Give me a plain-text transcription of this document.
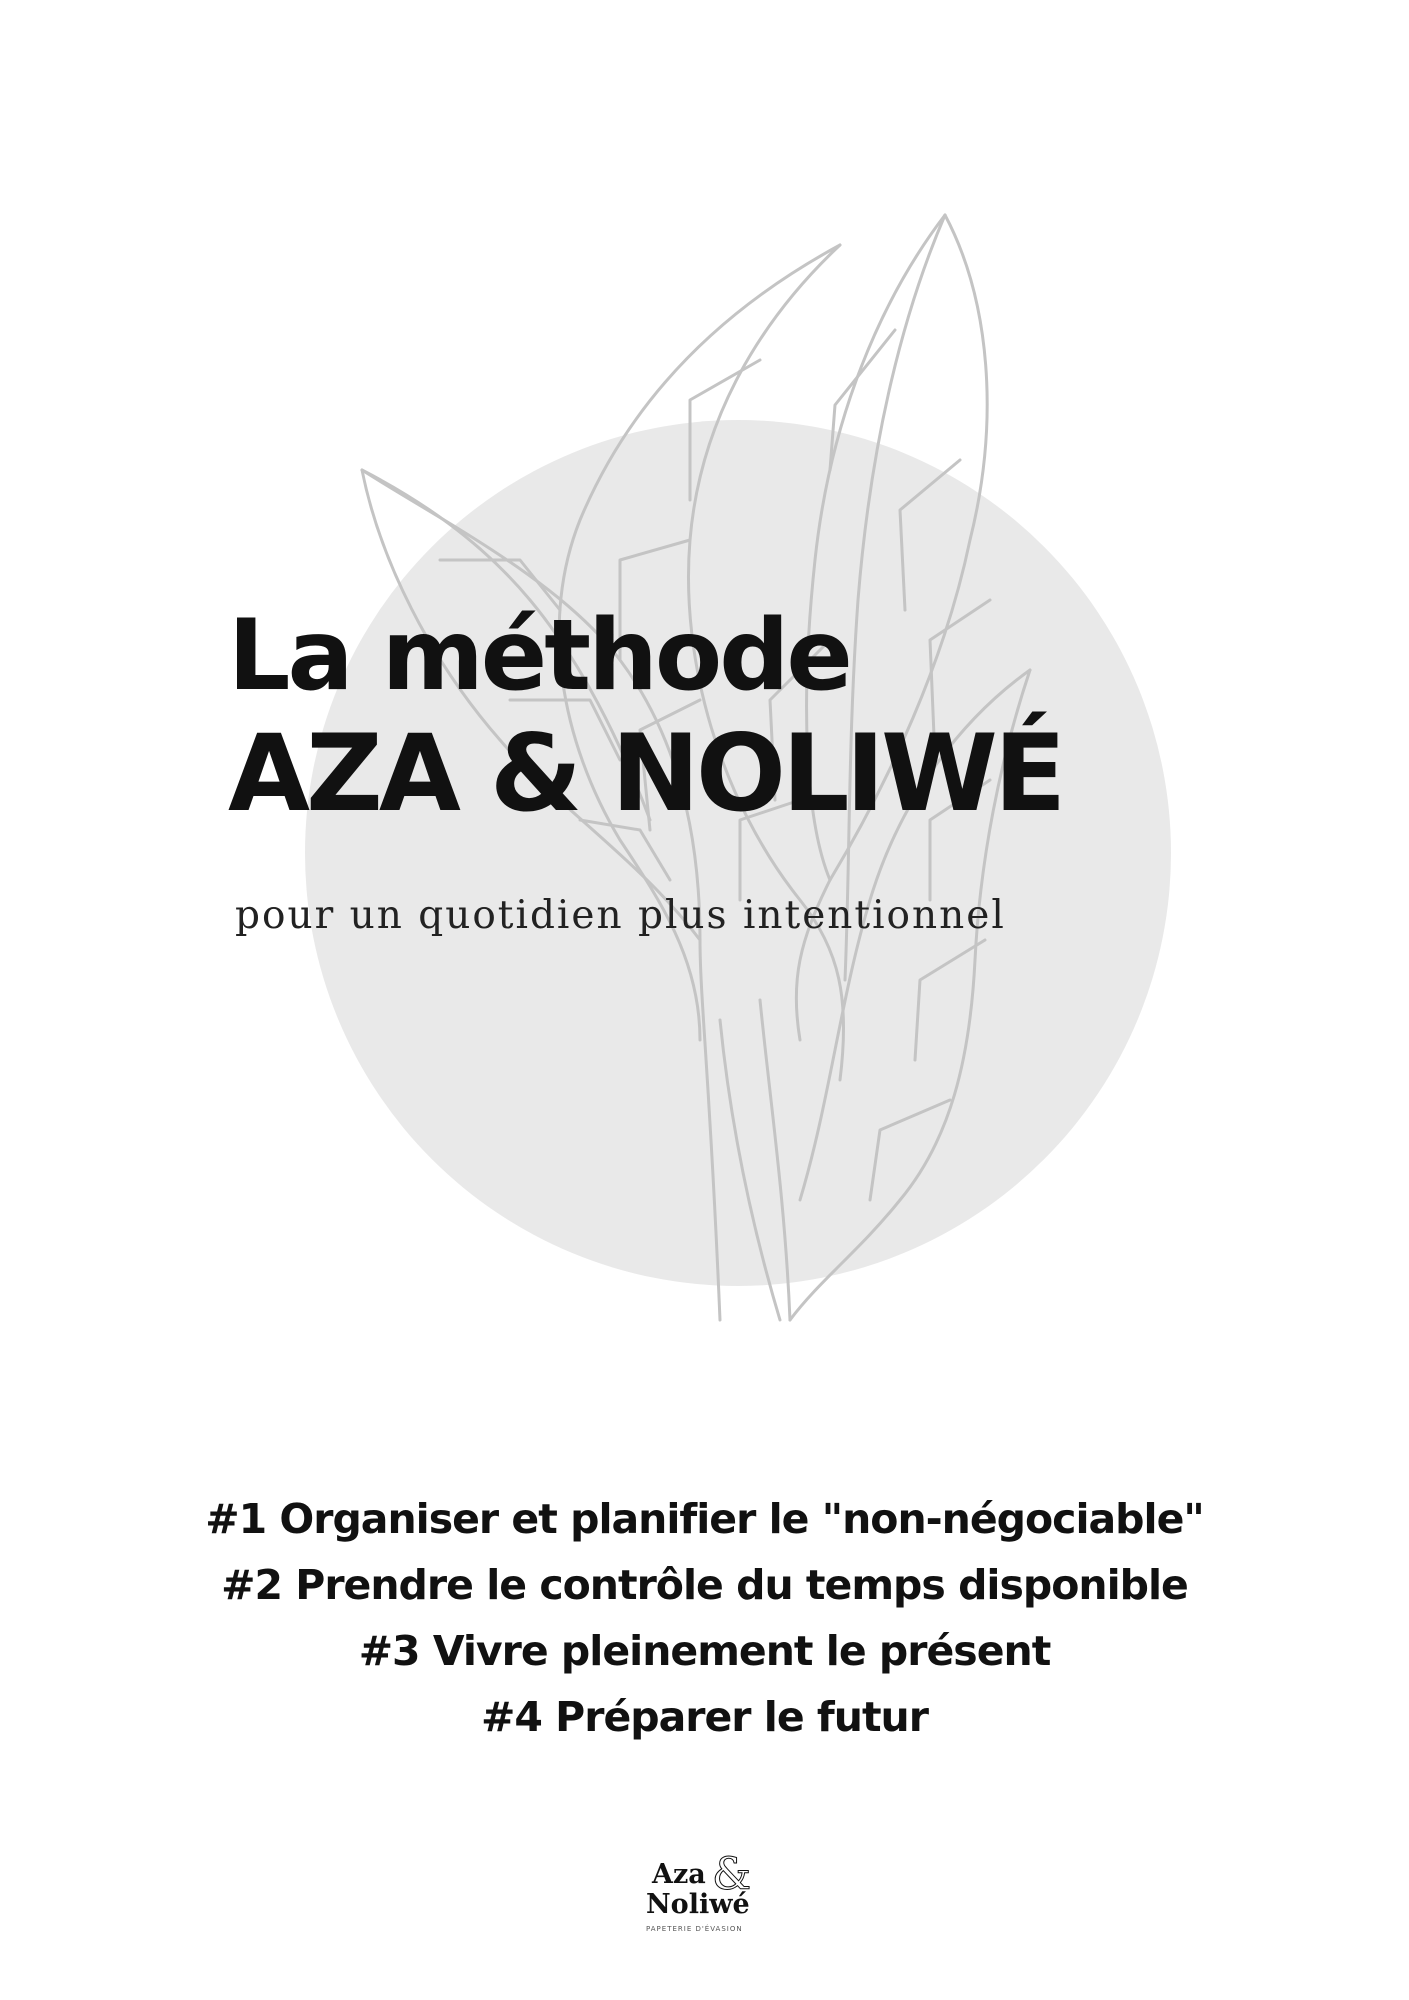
La méthode
AZA & NOLIWÉ
pour un quotidien plus intentionnel
#1 Organiser et planifier le "non-négociable"
#2 Prendre le contrôle du temps disponible
#3 Vivre pleinement le présent
#4 Préparer le futur
&
Aza
Noliwé
PAPETERIE D'ÉVASION
